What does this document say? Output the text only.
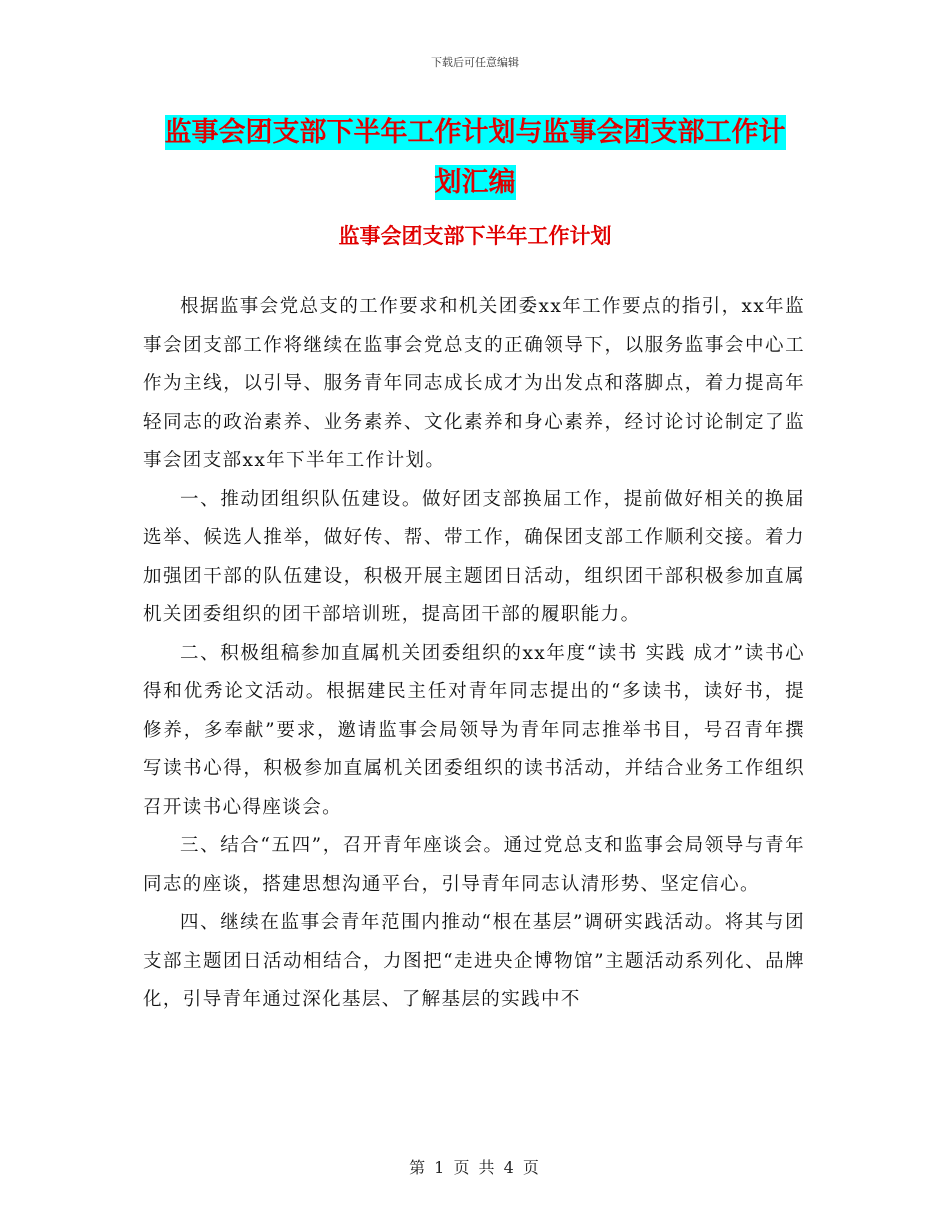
下载后可任意编辑
监事会团支部下半年工作计划与监事会团支部工作计
划汇编
监事会团支部下半年工作计划

根据监事会党总支的工作要求和机关团委xx年工作要点的指引，xx年监事会团支部工作将继续在监事会党总支的正确领导下，以服务监事会中心工作为主线，以引导、服务青年同志成长成才为出发点和落脚点，着力提高年轻同志的政治素养、业务素养、文化素养和身心素养，经讨论讨论制定了监事会团支部xx年下半年工作计划。

一、推动团组织队伍建设。做好团支部换届工作，提前做好相关的换届选举、候选人推举，做好传、帮、带工作，确保团支部工作顺利交接。着力加强团干部的队伍建设，积极开展主题团日活动，组织团干部积极参加直属机关团委组织的团干部培训班，提高团干部的履职能力。

二、积极组稿参加直属机关团委组织的xx年度“读书 实践 成才”读书心得和优秀论文活动。根据建民主任对青年同志提出的“多读书，读好书，提修养，多奉献”要求，邀请监事会局领导为青年同志推举书目，号召青年撰写读书心得，积极参加直属机关团委组织的读书活动，并结合业务工作组织召开读书心得座谈会。

三、结合“五四”，召开青年座谈会。通过党总支和监事会局领导与青年同志的座谈，搭建思想沟通平台，引导青年同志认清形势、坚定信心。

四、继续在监事会青年范围内推动“根在基层”调研实践活动。将其与团支部主题团日活动相结合，力图把“走进央企博物馆”主题活动系列化、品牌化，引导青年通过深化基层、了解基层的实践中不

第 1 页 共 4 页
